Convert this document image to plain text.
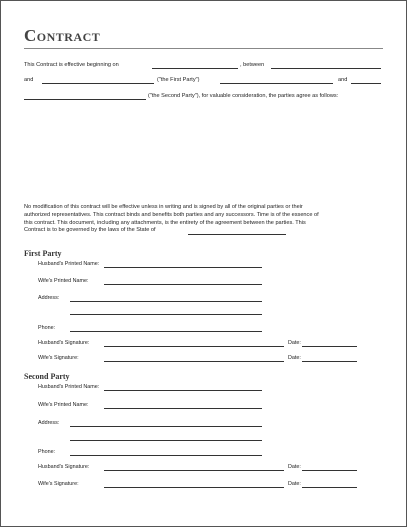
Contract
This Contract is effective beginning on	, between
and	("the First Party")	and
("the Second Party"), for valuable consideration, the parties agree as follows:
No modification of this contract will be effective unless in writing and is signed by all of the original parties or their
authorized representatives. This contract binds and benefits both parties and any successors. Time is of the essence of
this contract. This document, including any attachments, is the entirety of the agreement between the parties. This
Contract is to be governed by the laws of the State of
First Party
Husband's Printed Name:
Wife's Printed Name:
Address:
Phone:
Husband's Signature:	Date:
Wife's Signature:	Date:
Second Party
Husband's Printed Name:
Wife's Printed Name:
Address:
Phone:
Husband's Signature:	Date:
Wife's Signature:	Date:
